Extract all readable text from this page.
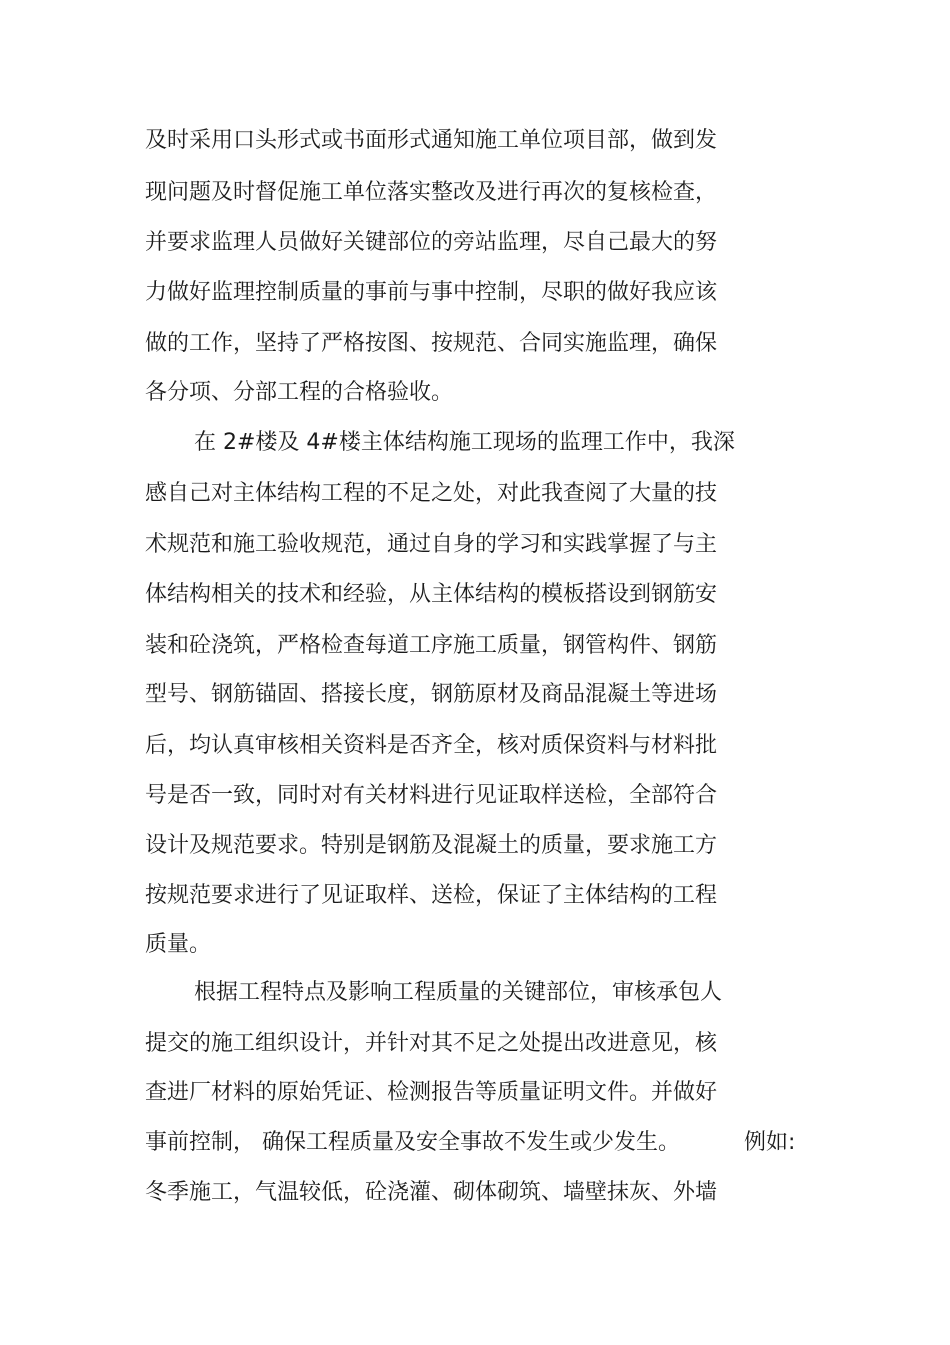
及时采用口头形式或书面形式通知施工单位项目部，做到发

现问题及时督促施工单位落实整改及进行再次的复核检查，

并要求监理人员做好关键部位的旁站监理，尽自己最大的努

力做好监理控制质量的事前与事中控制，尽职的做好我应该

做的工作，坚持了严格按图、按规范、合同实施监理，确保

各分项、分部工程的合格验收。

在 2#楼及 4#楼主体结构施工现场的监理工作中，我深

感自己对主体结构工程的不足之处，对此我查阅了大量的技

术规范和施工验收规范，通过自身的学习和实践掌握了与主

体结构相关的技术和经验，从主体结构的模板搭设到钢筋安

装和砼浇筑，严格检查每道工序施工质量，钢管构件、钢筋

型号、钢筋锚固、搭接长度，钢筋原材及商品混凝土等进场

后，均认真审核相关资料是否齐全，核对质保资料与材料批

号是否一致，同时对有关材料进行见证取样送检，全部符合

设计及规范要求。特别是钢筋及混凝土的质量，要求施工方

按规范要求进行了见证取样、送检，保证了主体结构的工程

质量。

根据工程特点及影响工程质量的关键部位，审核承包人

提交的施工组织设计，并针对其不足之处提出改进意见，核

查进厂材料的原始凭证、检测报告等质量证明文件。并做好

事前控制， 确保工程质量及安全事故不发生或少发生。	例如:

冬季施工，气温较低，砼浇灌、砌体砌筑、墙壁抹灰、外墙
